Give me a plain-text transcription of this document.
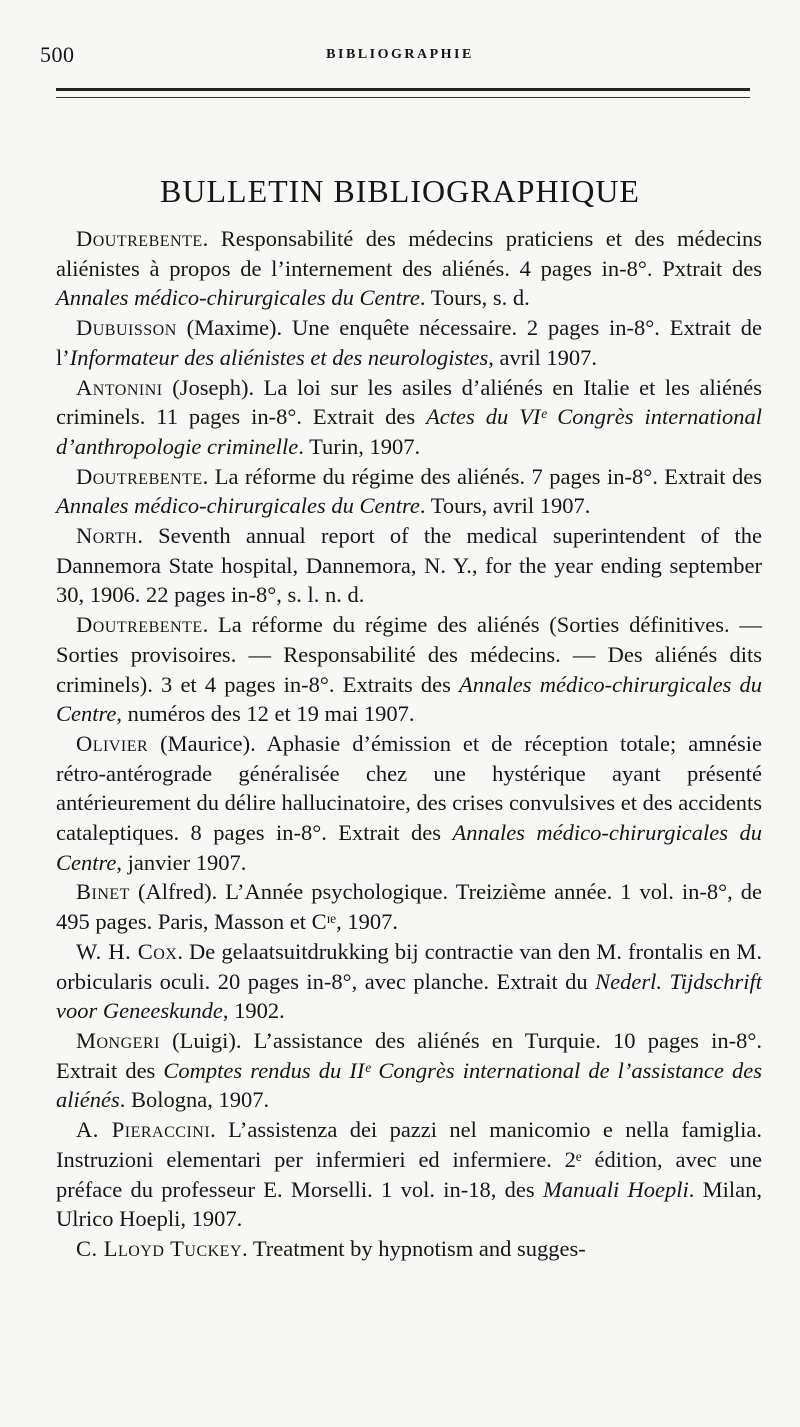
500	BIBLIOGRAPHIE
BULLETIN BIBLIOGRAPHIQUE

Doutrebente. Responsabilité des médecins praticiens et des médecins aliénistes à propos de l’internement des aliénés. 4 pages in-8°. Pxtrait des Annales médico-chirurgicales du Centre. Tours, s. d.

Dubuisson (Maxime). Une enquête nécessaire. 2 pages in-8°. Extrait de l’Informateur des aliénistes et des neurologistes, avril 1907.

Antonini (Joseph). La loi sur les asiles d’aliénés en Italie et les aliénés criminels. 11 pages in-8°. Extrait des Actes du VIᵉ Congrès international d’anthropologie criminelle. Turin, 1907.

Doutrebente. La réforme du régime des aliénés. 7 pages in-8°. Extrait des Annales médico-chirurgicales du Centre. Tours, avril 1907.

North. Seventh annual report of the medical superintendent of the Dannemora State hospital, Dannemora, N. Y., for the year ending september 30, 1906. 22 pages in-8°, s. l. n. d.

Doutrebente. La réforme du régime des aliénés (Sorties définitives. — Sorties provisoires. — Responsabilité des médecins. — Des aliénés dits criminels). 3 et 4 pages in-8°. Extraits des Annales médico-chirurgicales du Centre, numéros des 12 et 19 mai 1907.

Olivier (Maurice). Aphasie d’émission et de réception totale; amnésie rétro-antérograde généralisée chez une hystérique ayant présenté antérieurement du délire hallucinatoire, des crises convulsives et des accidents cataleptiques. 8 pages in-8°. Extrait des Annales médico-chirurgicales du Centre, janvier 1907.

Binet (Alfred). L’Année psychologique. Treizième année. 1 vol. in-8°, de 495 pages. Paris, Masson et Cᶦᵉ, 1907.

W. H. Cox. De gelaatsuitdrukking bij contractie van den M. frontalis en M. orbicularis oculi. 20 pages in-8°, avec planche. Extrait du Nederl. Tijdschrift voor Geneeskunde, 1902.

Mongeri (Luigi). L’assistance des aliénés en Turquie. 10 pages in-8°. Extrait des Comptes rendus du IIᵉ Congrès international de l’assistance des aliénés. Bologna, 1907.

A. Pieraccini. L’assistenza dei pazzi nel manicomio e nella famiglia. Instruzioni elementari per infermieri ed infermiere. 2ᵉ édition, avec une préface du professeur E. Morselli. 1 vol. in-18, des Manuali Hoepli. Milan, Ulrico Hoepli, 1907.

C. Lloyd Tuckey. Treatment by hypnotism and sugges-
